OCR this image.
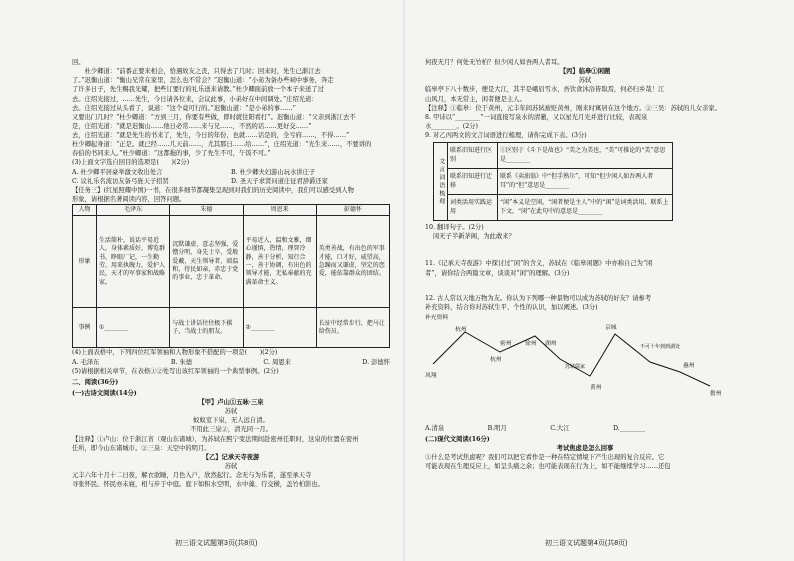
回。

　　杜少卿道：“前番正要来相会，恰遇故友之丧，只得去了几时；回来时，先生已渐江去

了。”迟衡山道：“衡山兄常在家里，怎么也不常会？”迟衡山道：“小弟为备办些祠中事务，奔走

了许多日子，先生赐我光耀，把些订要行的礼乐送来请教。”杜少卿面前放一个本子来送了过

去。庄绍光接过，……先生，今日请各位来，会议此事，小弟好在中间调处。”庄绍光道：

去。庄绍光接过从头看了，说道：“这个竟可行的。”迟衡山道：“是小弟的事……”

又要出门几时？”杜少卿道：“方到三月，你要有些做，即时就往阳看打”。迟衡山道：“父亲到浙江去不

是，庄绍光道：“就是迟衡山……他日必常……来与兄……，不然的话……更好交……”

去，庄绍光道：“就是先生的书来了，先生，今日的年份，也就……话是的，全亏府……，不得……”

杜少卿起身道：“正是。就已经……几天前……，尤其那日……给……”，庄绍光道：“光生来……，不要讲的

春伯的书同来人。”杜少卿道：“这都拖的事，少了先生不可，午饭不可。”

(3)上面文字选自回目的选项是(　　)(2分)

A. 杜少卿平居豪举激文收出处言	B. 杜少卿夫妇游山玩水讲庄子
C. 议礼乐名流访友备弓旌天子招贤	D. 圣天子求贤问道庄征君辞爵还家

【任务三】(红星照耀中国)一书，在很多细节都凝集呈现到对我们的历史阅读中，我们可以感受到人物

形象，请根据名著阅读内容，回答问题。

人物	毛泽东	朱德	周恩来	彭德怀
形象	生活简朴，说话平易近人，身体素质好，博览群书，睁眼厂记，一生勤劳，用来执魄力，爱护人民，天才的军事家和战略家。	沉默谦虚，意志坚强，爱憎分明，身先士卒，受般爱戴，天生领导者，端温和，待民如亲，赤忠于党的事业，忠于革命。	平易近人，温和文雅，细心谨慎，热情，理智冷静，善于分析，知行合一，善于协调，有出色的领导才能，无私奉献的充满革命主义。	英勇善战，有出色的军事才能，口才好，威望高，急躁而又谦虚，坚定的恋爱，能依靠群众的团结。
事例	①________	与战士讲话往往极下棋子，当战士的朋友。	②________	长征中经常步行，把马让给伤员。

(4)上面表格中，下列四位红军领袖和人物形象不搭配的一项是(　　)(2分)

A. 毛泽东	B. 朱德	C. 周恩来	D. 彭德怀

(5)请根据相关章节，在表格①②处写出该红军领袖的一个典型事例。(2分)

二、阅读(36分)

(一)古诗文阅读(14分)

【甲】卢山①五咏·三泉

苏轼

蚁蚁室下泉，无人远自清。

不用此三泉②，清光同一月。

【注释】①卢山：位于浙江省（观山东诸城），为苏轼在熙宁变法期间赴密州任职时，这泉的位置在密州

任所，即今山东诸城市。②三泉：天空中的明月。

【乙】记承天寺夜游

苏轼

元丰六年十月十二日夜，解衣欲睡，月色入户，欣然起行。念无与为乐者，遂至承天寺

寻张怀民。怀民亦未寝，相与步于中庭。庭下如积水空明，水中藻、荇交横，盖竹柏影也。

初三语文试题第3页(共8页)

何夜无月？何处无竹柏？但少闲人如吾两人者耳。

【丙】临皋①闲题

苏轼

临皋亭下八十数步，便是大江，其半是峨眉雪水，吾饮食沐浴皆取焉，何必归乡哉！江

山风月，本无常主，闲者便是主人。

【注释】①临皋：位于黄州，元丰年间苏轼被贬黄州，刚来时寓居在这个地方。②三吴：苏轼的儿女亲家。

8. 甲诗以“________”一词直接写泉水的清澈，又以星光月光并进行比较，表现泉

水________。(2分)

9. 对乙丙两文的文言词语进行梳理，请你完成下表。(3分)

文言词语梳理	联系旧知进行区别	①区别于《斗下是故也》“美之为美也，“美”可推论的“美”意思是________
	联系旧知进行迁移	联系《卖油翁》中“但手熟尔”，可知“但少闲人如吾两人者耳”的“但”意思是________
	词类活用实践运用	“闲”本义是空闲，“闲者便是主人”中的“闲”是词类活用，联系上下文，“闲”在此句中的意思是________

10. 翻译句子。(2分)

闲无子半新茅阁，为此敢来？

11.《记承天寺夜游》中探讨过“闲”的含义，苏轼在《临皋闲题》中亦称自己为“闲

者”，请你结合两篇文章，谈谈对“闲”的理解。(3分)

12. 古人常以天地万物为友。你认为下列哪一种景物可以成为苏轼的好友？请参考

补充资料，结合你对苏轼生平、个性的认识，加以阐述。(3分)

补充资料
京城
杭州
密州 徐州 湖州
凤翔
杭州
黄州
惠州
儋州
不可十年到到湖处
苏轼儒家
A.清泉	B.明月	C.大江	D.________

(二)现代文阅读(16分)

考试焦虑是怎么回事

①什么是考试焦虑呢？我们可以把它看作是一种在特定情境下产生出现的复合反应。它

可能表现在生理反应上，如呈头痛之余；也可能表现在行为上，如不能继续学习……还包

初三语文试题第4页(共8页)
